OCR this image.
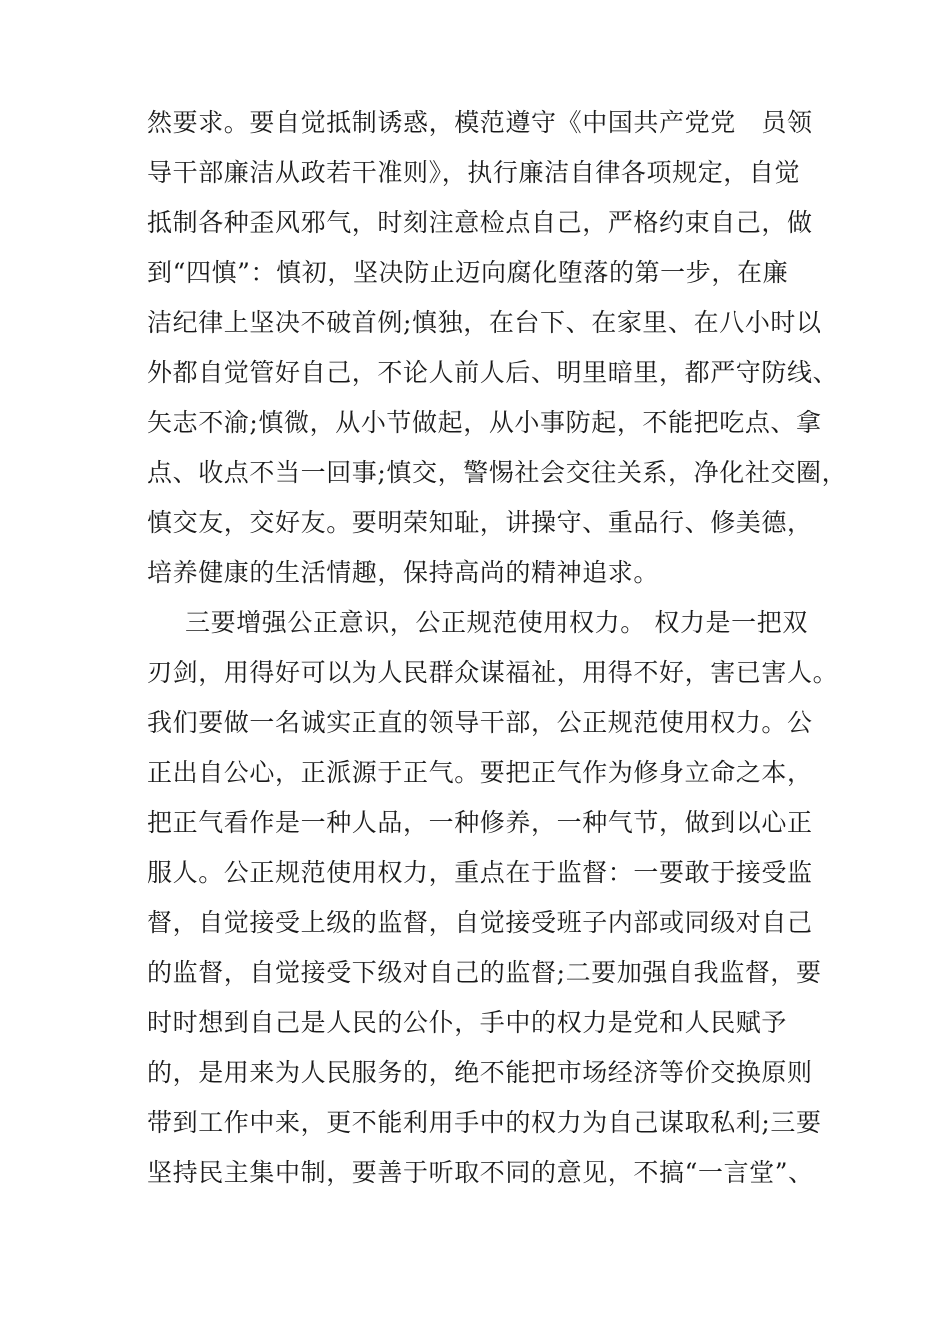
然要求。要自觉抵制诱惑，模范遵守《中国共产党党　员领
导干部廉洁从政若干准则》，执行廉洁自律各项规定，自觉
抵制各种歪风邪气，时刻注意检点自己，严格约束自己，做
到“四慎”：慎初，坚决防止迈向腐化堕落的第一步，在廉
洁纪律上坚决不破首例;慎独，在台下、在家里、在八小时以
外都自觉管好自己，不论人前人后、明里暗里，都严守防线、
矢志不渝;慎微，从小节做起，从小事防起，不能把吃点、拿
点、收点不当一回事;慎交，警惕社会交往关系，净化社交圈，
慎交友，交好友。要明荣知耻，讲操守、重品行、修美德，
培养健康的生活情趣，保持高尚的精神追求。
三要增强公正意识，公正规范使用权力。 权力是一把双
刃剑，用得好可以为人民群众谋福祉，用得不好，害已害人。
我们要做一名诚实正直的领导干部，公正规范使用权力。公
正出自公心，正派源于正气。要把正气作为修身立命之本，
把正气看作是一种人品，一种修养，一种气节，做到以心正
服人。公正规范使用权力，重点在于监督：一要敢于接受监
督，自觉接受上级的监督，自觉接受班子内部或同级对自己
的监督，自觉接受下级对自己的监督;二要加强自我监督，要
时时想到自己是人民的公仆，手中的权力是党和人民赋予
的，是用来为人民服务的，绝不能把市场经济等价交换原则
带到工作中来，更不能利用手中的权力为自己谋取私利;三要
坚持民主集中制，要善于听取不同的意见，不搞“一言堂”、
